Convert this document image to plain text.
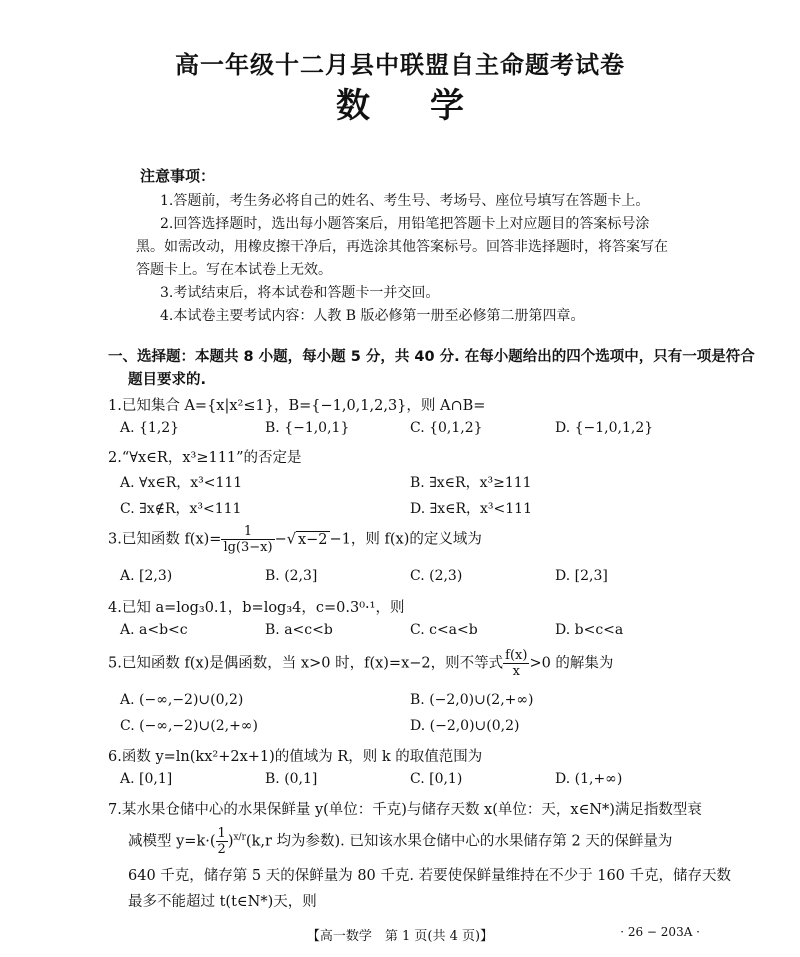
高一年级十二月县中联盟自主命题考试卷
数学
注意事项：
1.答题前，考生务必将自己的姓名、考生号、考场号、座位号填写在答题卡上。
2.回答选择题时，选出每小题答案后，用铅笔把答题卡上对应题目的答案标号涂
黑。如需改动，用橡皮擦干净后，再选涂其他答案标号。回答非选择题时，将答案写在
答题卡上。写在本试卷上无效。
3.考试结束后，将本试卷和答题卡一并交回。
4.本试卷主要考试内容：人教 B 版必修第一册至必修第二册第四章。
一、选择题：本题共 8 小题，每小题 5 分，共 40 分. 在每小题给出的四个选项中，只有一项是符合
题目要求的.
1.已知集合 A={x|x²≤1}，B={−1,0,1,2,3}，则 A∩B=
A. {1,2}	B. {−1,0,1}	C. {0,1,2}	D. {−1,0,1,2}
2.“∀x∈R，x³≥111”的否定是
A. ∀x∈R，x³<111	B. ∃x∈R，x³≥111
C. ∃x∉R，x³<111	D. ∃x∈R，x³<111
3.已知函数 $f(x)= \frac{1}{\lg(3-x)}$ −√ x−2 −1，则 f(x)的定义域为
A. [2,3)	B. (2,3]	C. (2,3)	D. [2,3]
4.已知 a=log₃0.1，b=log₃4，c=0.3⁰·¹，则
A. a<b<c	B. a<c<b	C. c<a<b	D. b<c<a
5.已知函数 f(x)是偶函数，当 x>0 时，f(x)=x−2，则不等式 $\frac{f(x)}{x} >0$ 的解集为
A. (−∞,−2)∪(0,2)	B. (−2,0)∪(2,+∞)
C. (−∞,−2)∪(2,+∞)	D. (−2,0)∪(0,2)
6.函数 y=ln(kx²+2x+1)的值域为 R，则 k 的取值范围为
A. [0,1]	B. (0,1]	C. [0,1)	D. (1,+∞)
7.某水果仓储中心的水果保鲜量 y(单位：千克)与储存天数 x(单位：天，x∈N*)满足指数型衰
减模型 $y=k\cdot( \frac{1}{2} )^{x/r}(k,r$ 均为参数). 已知该水果仓储中心的水果储存第 2 天的保鲜量为
640 千克，储存第 5 天的保鲜量为 80 千克. 若要使保鲜量维持在不少于 160 千克，储存天数
最多不能超过 t(t∈N*)天，则
【高一数学　第 1 页(共 4 页)】	· 26 − 203A ·
